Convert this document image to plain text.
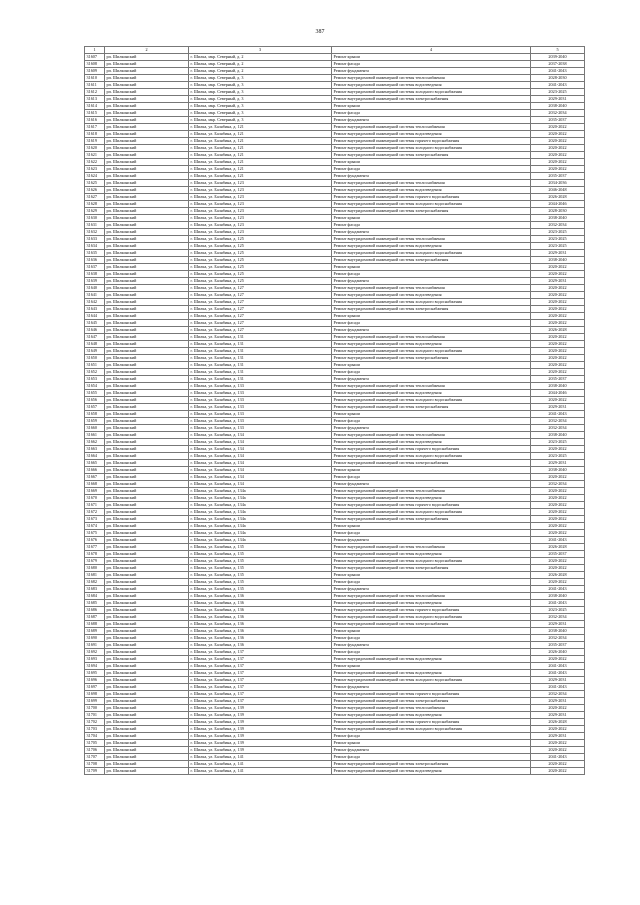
387
1	2	3	4	5
31607	рп. Шилкинский	г. Шилка, мкр. Северный, д. 2	Ремонт крыши	2039-2040
31608	рп. Шилкинский	г. Шилка, мкр. Северный, д. 2	Ремонт фасада	2037-2038
31609	рп. Шилкинский	г. Шилка, мкр. Северный, д. 2	Ремонт фундамента	2041-2043
31610	рп. Шилкинский	г. Шилка, мкр. Северный, д. 3	Ремонт внутридомовой инженерной системы теплоснабжения	2028-2030
31611	рп. Шилкинский	г. Шилка, мкр. Северный, д. 3	Ремонт внутридомовой инженерной системы водоотведения	2041-2043
31612	рп. Шилкинский	г. Шилка, мкр. Северный, д. 3	Ремонт внутридомовой инженерной системы холодного водоснабжения	2023-2025
31613	рп. Шилкинский	г. Шилка, мкр. Северный, д. 3	Ремонт внутридомовой инженерной системы электроснабжения	2029-2031
31614	рп. Шилкинский	г. Шилка, мкр. Северный, д. 3	Ремонт крыши	2038-2040
31615	рп. Шилкинский	г. Шилка, мкр. Северный, д. 3	Ремонт фасада	2032-2034
31616	рп. Шилкинский	г. Шилка, мкр. Северный, д. 3	Ремонт фундамента	2035-2037
31617	рп. Шилкинский	г. Шилка, ул. Балябина, д. 121	Ремонт внутридомовой инженерной системы теплоснабжения	2020-2022
31618	рп. Шилкинский	г. Шилка, ул. Балябина, д. 121	Ремонт внутридомовой инженерной системы водоотведения	2020-2022
31619	рп. Шилкинский	г. Шилка, ул. Балябина, д. 121	Ремонт внутридомовой инженерной системы горячего водоснабжения	2020-2022
31620	рп. Шилкинский	г. Шилка, ул. Балябина, д. 121	Ремонт внутридомовой инженерной системы холодного водоснабжения	2020-2022
31621	рп. Шилкинский	г. Шилка, ул. Балябина, д. 121	Ремонт внутридомовой инженерной системы электроснабжения	2020-2022
31622	рп. Шилкинский	г. Шилка, ул. Балябина, д. 121	Ремонт крыши	2020-2022
31623	рп. Шилкинский	г. Шилка, ул. Балябина, д. 121	Ремонт фасада	2020-2022
31624	рп. Шилкинский	г. Шилка, ул. Балябина, д. 121	Ремонт фундамента	2035-2037
31625	рп. Шилкинский	г. Шилка, ул. Балябина, д. 123	Ремонт внутридомовой инженерной системы теплоснабжения	2034-2036
31626	рп. Шилкинский	г. Шилка, ул. Балябина, д. 123	Ремонт внутридомовой инженерной системы водоотведения	2046-2048
31627	рп. Шилкинский	г. Шилка, ул. Балябина, д. 123	Ремонт внутридомовой инженерной системы горячего водоснабжения	2026-2028
31628	рп. Шилкинский	г. Шилка, ул. Балябина, д. 123	Ремонт внутридомовой инженерной системы холодного водоснабжения	2044-2046
31629	рп. Шилкинский	г. Шилка, ул. Балябина, д. 123	Ремонт внутридомовой инженерной системы электроснабжения	2028-2030
31630	рп. Шилкинский	г. Шилка, ул. Балябина, д. 123	Ремонт крыши	2038-2040
31631	рп. Шилкинский	г. Шилка, ул. Балябина, д. 123	Ремонт фасада	2032-2034
31632	рп. Шилкинский	г. Шилка, ул. Балябина, д. 123	Ремонт фундамента	2023-2025
31633	рп. Шилкинский	г. Шилка, ул. Балябина, д. 125	Ремонт внутридомовой инженерной системы теплоснабжения	2023-2025
31634	рп. Шилкинский	г. Шилка, ул. Балябина, д. 125	Ремонт внутридомовой инженерной системы водоотведения	2023-2025
31635	рп. Шилкинский	г. Шилка, ул. Балябина, д. 125	Ремонт внутридомовой инженерной системы холодного водоснабжения	2029-2031
31636	рп. Шилкинский	г. Шилка, ул. Балябина, д. 125	Ремонт внутридомовой инженерной системы электроснабжения	2038-2040
31637	рп. Шилкинский	г. Шилка, ул. Балябина, д. 125	Ремонт крыши	2020-2022
31638	рп. Шилкинский	г. Шилка, ул. Балябина, д. 125	Ремонт фасада	2020-2022
31639	рп. Шилкинский	г. Шилка, ул. Балябина, д. 125	Ремонт фундамента	2029-2031
31640	рп. Шилкинский	г. Шилка, ул. Балябина, д. 127	Ремонт внутридомовой инженерной системы теплоснабжения	2020-2022
31641	рп. Шилкинский	г. Шилка, ул. Балябина, д. 127	Ремонт внутридомовой инженерной системы водоотведения	2020-2022
31642	рп. Шилкинский	г. Шилка, ул. Балябина, д. 127	Ремонт внутридомовой инженерной системы холодного водоснабжения	2020-2022
31643	рп. Шилкинский	г. Шилка, ул. Балябина, д. 127	Ремонт внутридомовой инженерной системы электроснабжения	2020-2022
31644	рп. Шилкинский	г. Шилка, ул. Балябина, д. 127	Ремонт крыши	2020-2022
31645	рп. Шилкинский	г. Шилка, ул. Балябина, д. 127	Ремонт фасада	2020-2022
31646	рп. Шилкинский	г. Шилка, ул. Балябина, д. 127	Ремонт фундамента	2026-2028
31647	рп. Шилкинский	г. Шилка, ул. Балябина, д. 131	Ремонт внутридомовой инженерной системы теплоснабжения	2020-2022
31648	рп. Шилкинский	г. Шилка, ул. Балябина, д. 131	Ремонт внутридомовой инженерной системы водоотведения	2020-2022
31649	рп. Шилкинский	г. Шилка, ул. Балябина, д. 131	Ремонт внутридомовой инженерной системы холодного водоснабжения	2020-2022
31650	рп. Шилкинский	г. Шилка, ул. Балябина, д. 131	Ремонт внутридомовой инженерной системы электроснабжения	2020-2022
31651	рп. Шилкинский	г. Шилка, ул. Балябина, д. 131	Ремонт крыши	2020-2022
31652	рп. Шилкинский	г. Шилка, ул. Балябина, д. 131	Ремонт фасада	2020-2022
31653	рп. Шилкинский	г. Шилка, ул. Балябина, д. 131	Ремонт фундамента	2035-2037
31654	рп. Шилкинский	г. Шилка, ул. Балябина, д. 133	Ремонт внутридомовой инженерной системы теплоснабжения	2038-2040
31655	рп. Шилкинский	г. Шилка, ул. Балябина, д. 133	Ремонт внутридомовой инженерной системы водоотведения	2044-2046
31656	рп. Шилкинский	г. Шилка, ул. Балябина, д. 133	Ремонт внутридомовой инженерной системы холодного водоснабжения	2020-2022
31657	рп. Шилкинский	г. Шилка, ул. Балябина, д. 133	Ремонт внутридомовой инженерной системы электроснабжения	2029-2031
31658	рп. Шилкинский	г. Шилка, ул. Балябина, д. 133	Ремонт крыши	2041-2043
31659	рп. Шилкинский	г. Шилка, ул. Балябина, д. 133	Ремонт фасада	2032-2034
31660	рп. Шилкинский	г. Шилка, ул. Балябина, д. 133	Ремонт фундамента	2032-2034
31661	рп. Шилкинский	г. Шилка, ул. Балябина, д. 134	Ремонт внутридомовой инженерной системы теплоснабжения	2038-2040
31662	рп. Шилкинский	г. Шилка, ул. Балябина, д. 134	Ремонт внутридомовой инженерной системы водоотведения	2023-2025
31663	рп. Шилкинский	г. Шилка, ул. Балябина, д. 134	Ремонт внутридомовой инженерной системы горячего водоснабжения	2020-2022
31664	рп. Шилкинский	г. Шилка, ул. Балябина, д. 134	Ремонт внутридомовой инженерной системы холодного водоснабжения	2023-2025
31665	рп. Шилкинский	г. Шилка, ул. Балябина, д. 134	Ремонт внутридомовой инженерной системы электроснабжения	2029-2031
31666	рп. Шилкинский	г. Шилка, ул. Балябина, д. 134	Ремонт крыши	2038-2040
31667	рп. Шилкинский	г. Шилка, ул. Балябина, д. 134	Ремонт фасада	2020-2022
31668	рп. Шилкинский	г. Шилка, ул. Балябина, д. 134	Ремонт фундамента	2032-2034
31669	рп. Шилкинский	г. Шилка, ул. Балябина, д. 134а	Ремонт внутридомовой инженерной системы теплоснабжения	2020-2022
31670	рп. Шилкинский	г. Шилка, ул. Балябина, д. 134а	Ремонт внутридомовой инженерной системы водоотведения	2020-2022
31671	рп. Шилкинский	г. Шилка, ул. Балябина, д. 134а	Ремонт внутридомовой инженерной системы горячего водоснабжения	2020-2022
31672	рп. Шилкинский	г. Шилка, ул. Балябина, д. 134а	Ремонт внутридомовой инженерной системы холодного водоснабжения	2020-2022
31673	рп. Шилкинский	г. Шилка, ул. Балябина, д. 134а	Ремонт внутридомовой инженерной системы электроснабжения	2020-2022
31674	рп. Шилкинский	г. Шилка, ул. Балябина, д. 134а	Ремонт крыши	2020-2022
31675	рп. Шилкинский	г. Шилка, ул. Балябина, д. 134а	Ремонт фасада	2020-2022
31676	рп. Шилкинский	г. Шилка, ул. Балябина, д. 134а	Ремонт фундамента	2041-2043
31677	рп. Шилкинский	г. Шилка, ул. Балябина, д. 135	Ремонт внутридомовой инженерной системы теплоснабжения	2026-2028
31678	рп. Шилкинский	г. Шилка, ул. Балябина, д. 135	Ремонт внутридомовой инженерной системы водоотведения	2035-2037
31679	рп. Шилкинский	г. Шилка, ул. Балябина, д. 135	Ремонт внутридомовой инженерной системы холодного водоснабжения	2020-2022
31680	рп. Шилкинский	г. Шилка, ул. Балябина, д. 135	Ремонт внутридомовой инженерной системы электроснабжения	2020-2022
31681	рп. Шилкинский	г. Шилка, ул. Балябина, д. 135	Ремонт крыши	2026-2028
31682	рп. Шилкинский	г. Шилка, ул. Балябина, д. 135	Ремонт фасада	2020-2022
31683	рп. Шилкинский	г. Шилка, ул. Балябина, д. 135	Ремонт фундамента	2041-2043
31684	рп. Шилкинский	г. Шилка, ул. Балябина, д. 136	Ремонт внутридомовой инженерной системы теплоснабжения	2038-2040
31685	рп. Шилкинский	г. Шилка, ул. Балябина, д. 136	Ремонт внутридомовой инженерной системы водоотведения	2041-2043
31686	рп. Шилкинский	г. Шилка, ул. Балябина, д. 136	Ремонт внутридомовой инженерной системы горячего водоснабжения	2023-2025
31687	рп. Шилкинский	г. Шилка, ул. Балябина, д. 136	Ремонт внутридомовой инженерной системы холодного водоснабжения	2032-2034
31688	рп. Шилкинский	г. Шилка, ул. Балябина, д. 136	Ремонт внутридомовой инженерной системы электроснабжения	2029-2031
31689	рп. Шилкинский	г. Шилка, ул. Балябина, д. 136	Ремонт крыши	2038-2040
31690	рп. Шилкинский	г. Шилка, ул. Балябина, д. 136	Ремонт фасада	2032-2034
31691	рп. Шилкинский	г. Шилка, ул. Балябина, д. 136	Ремонт фундамента	2035-2037
31692	рп. Шилкинский	г. Шилка, ул. Балябина, д. 137	Ремонт фасада	2026-2040
31693	рп. Шилкинский	г. Шилка, ул. Балябина, д. 137	Ремонт внутридомовой инженерной системы водоотведения	2020-2022
31694	рп. Шилкинский	г. Шилка, ул. Балябина, д. 137	Ремонт крыши	2041-2043
31695	рп. Шилкинский	г. Шилка, ул. Балябина, д. 137	Ремонт внутридомовой инженерной системы водоотведения	2041-2043
31696	рп. Шилкинский	г. Шилка, ул. Балябина, д. 137	Ремонт внутридомовой инженерной системы холодного водоснабжения	2029-2031
31697	рп. Шилкинский	г. Шилка, ул. Балябина, д. 137	Ремонт фундамента	2041-2043
31698	рп. Шилкинский	г. Шилка, ул. Балябина, д. 137	Ремонт внутридомовой инженерной системы горячего водоснабжения	2032-2034
31699	рп. Шилкинский	г. Шилка, ул. Балябина, д. 137	Ремонт внутридомовой инженерной системы электроснабжения	2029-2031
31700	рп. Шилкинский	г. Шилка, ул. Балябина, д. 139	Ремонт внутридомовой инженерной системы теплоснабжения	2020-2022
31701	рп. Шилкинский	г. Шилка, ул. Балябина, д. 139	Ремонт внутридомовой инженерной системы водоотведения	2029-2031
31702	рп. Шилкинский	г. Шилка, ул. Балябина, д. 139	Ремонт внутридомовой инженерной системы горячего водоснабжения	2026-2028
31703	рп. Шилкинский	г. Шилка, ул. Балябина, д. 139	Ремонт внутридомовой инженерной системы холодного водоснабжения	2020-2022
31704	рп. Шилкинский	г. Шилка, ул. Балябина, д. 139	Ремонт фасада	2029-2031
31705	рп. Шилкинский	г. Шилка, ул. Балябина, д. 139	Ремонт крыши	2020-2022
31706	рп. Шилкинский	г. Шилка, ул. Балябина, д. 139	Ремонт фундамента	2020-2022
31707	рп. Шилкинский	г. Шилка, ул. Балябина, д. 141	Ремонт фасада	2041-2043
31708	рп. Шилкинский	г. Шилка, ул. Балябина, д. 141	Ремонт внутридомовой инженерной системы электроснабжения	2020-2022
31709	рп. Шилкинский	г. Шилка, ул. Балябина, д. 141	Ремонт внутридомовой инженерной системы водоотведения	2020-2022
